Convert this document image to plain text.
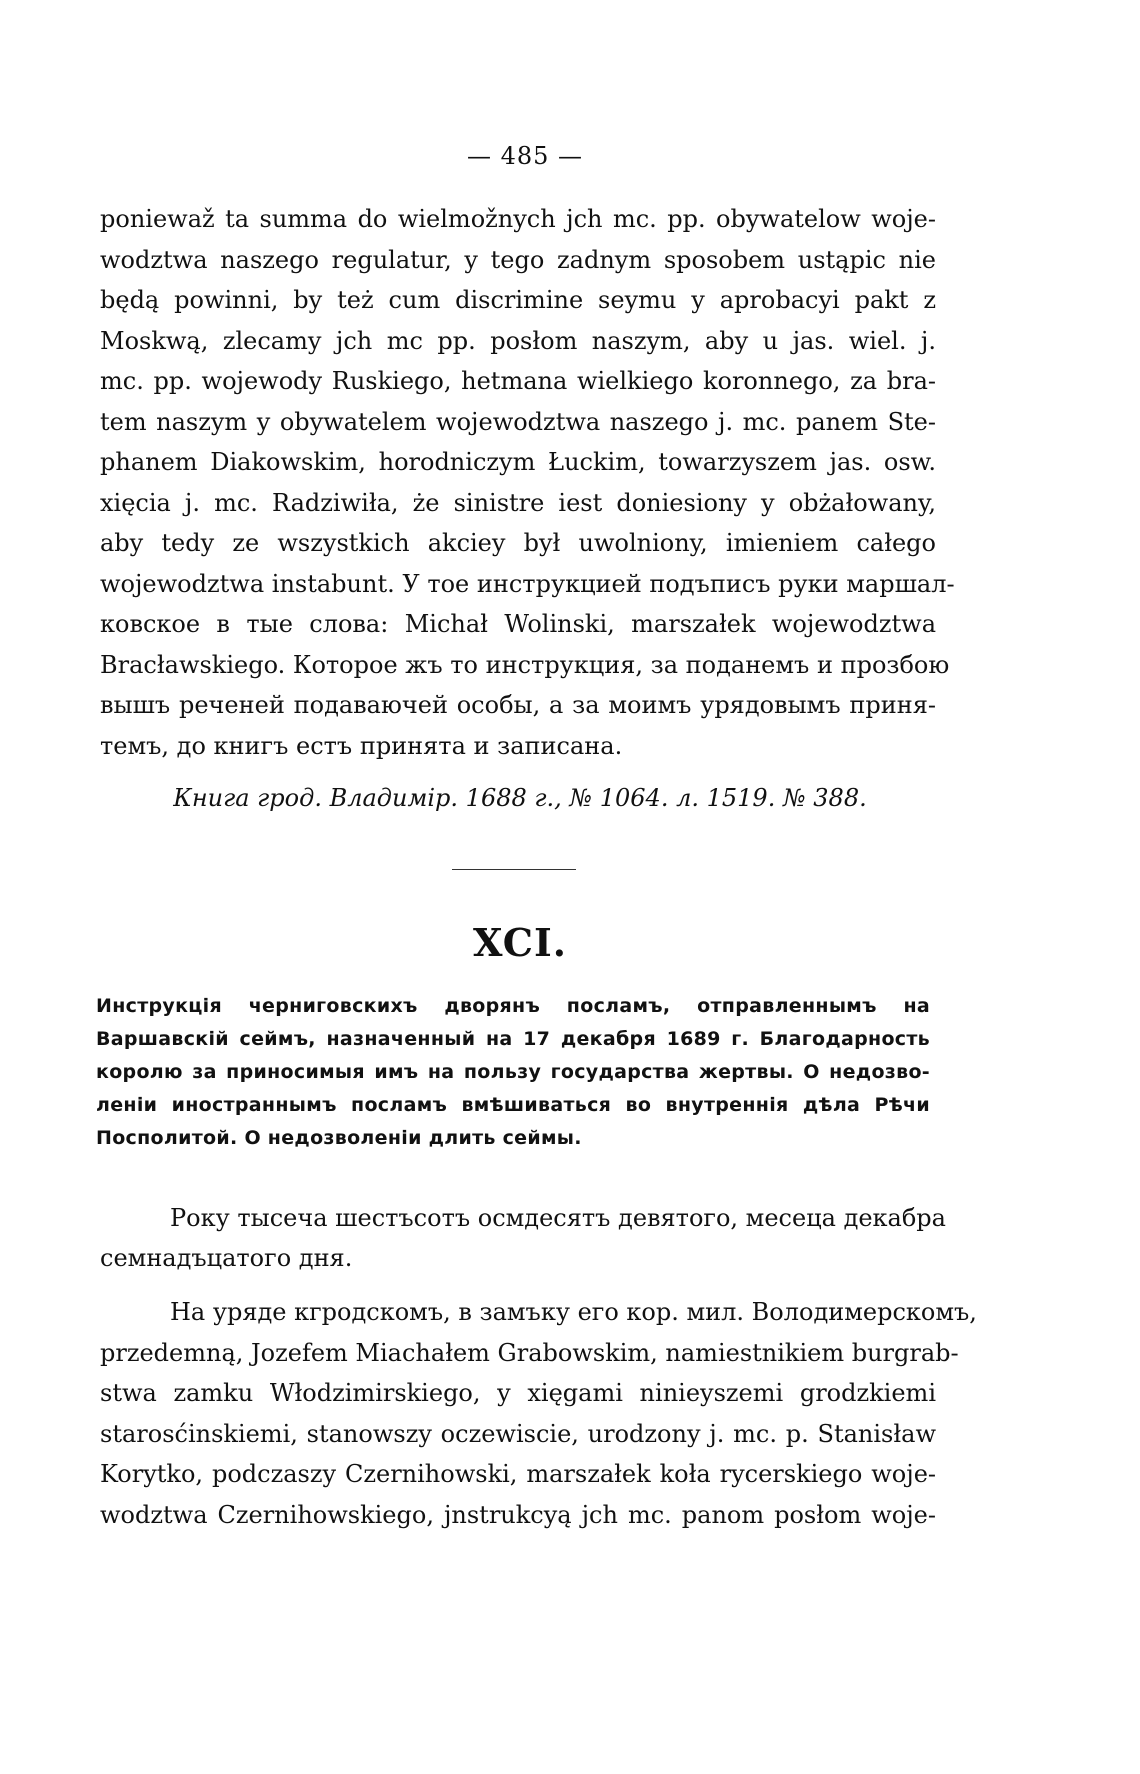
— 485 —
poniewaž ta summa do wielmožnych jch mc. pp. obywatelow woje-
wodztwa naszego regulatur, y tego zadnym sposobem ustąpic nie
będą powinni, by też cum discrimine seymu y aprobacyi pakt z
Moskwą, zlecamy jch mc pp. posłom naszym, aby u jas. wiel. j.
mc. pp. wojewody Ruskiego, hetmana wielkiego koronnego, za bra-
tem naszym y obywatelem wojewodztwa naszego j. mc. panem Ste-
phanem Diakowskim, horodniczym Łuckim, towarzyszem jas. osw.
xięcia j. mc. Radziwiła, że sinistre iest doniesiony y obżałowany,
aby tedy ze wszystkich akciey był uwolniony, imieniem całego
wojewodztwa instabunt. У тое инструкцией подъписъ руки маршал-
ковское в тые слова: Michał Wolinski, marszałek wojewodztwa
Bracławskiego. Которое жъ то инструкция, за поданемъ и прозбою
вышъ реченей подаваючей особы, а за моимъ урядовымъ приня-
темъ, до книгъ естъ принята и записана.
Книга грод. Владимір. 1688 г., № 1064. л. 1519. № 388.
XCI.
Инструкція черниговскихъ дворянъ посламъ, отправленнымъ на
Варшавскій сеймъ, назначенный на 17 декабря 1689 г. Благодарность
королю за приносимыя имъ на пользу государства жертвы. О недозво-
леніи иностраннымъ посламъ вмѣшиваться во внутреннія дѣла Рѣчи
Посполитой. О недозволеніи длить сеймы.
Року тысеча шестъсотъ осмдесятъ девятого, месеца декабра
семнадъцатого дня.
На уряде кгродскомъ, в замъку его кор. мил. Володимерскомъ,
przedemną, Jozefem Miachałem Grabowskim, namiestnikiem burgrab-
stwa zamku Włodzimirskiego, y xięgami ninieyszemi grodzkiemi
starosćinskiemi, stanowszy oczewiscie, urodzony j. mc. p. Stanisław
Korytko, podczaszy Czernihowski, marszałek koła rycerskiego woje-
wodztwa Czernihowskiego, jnstrukcyą jch mc. panom posłom woje-
